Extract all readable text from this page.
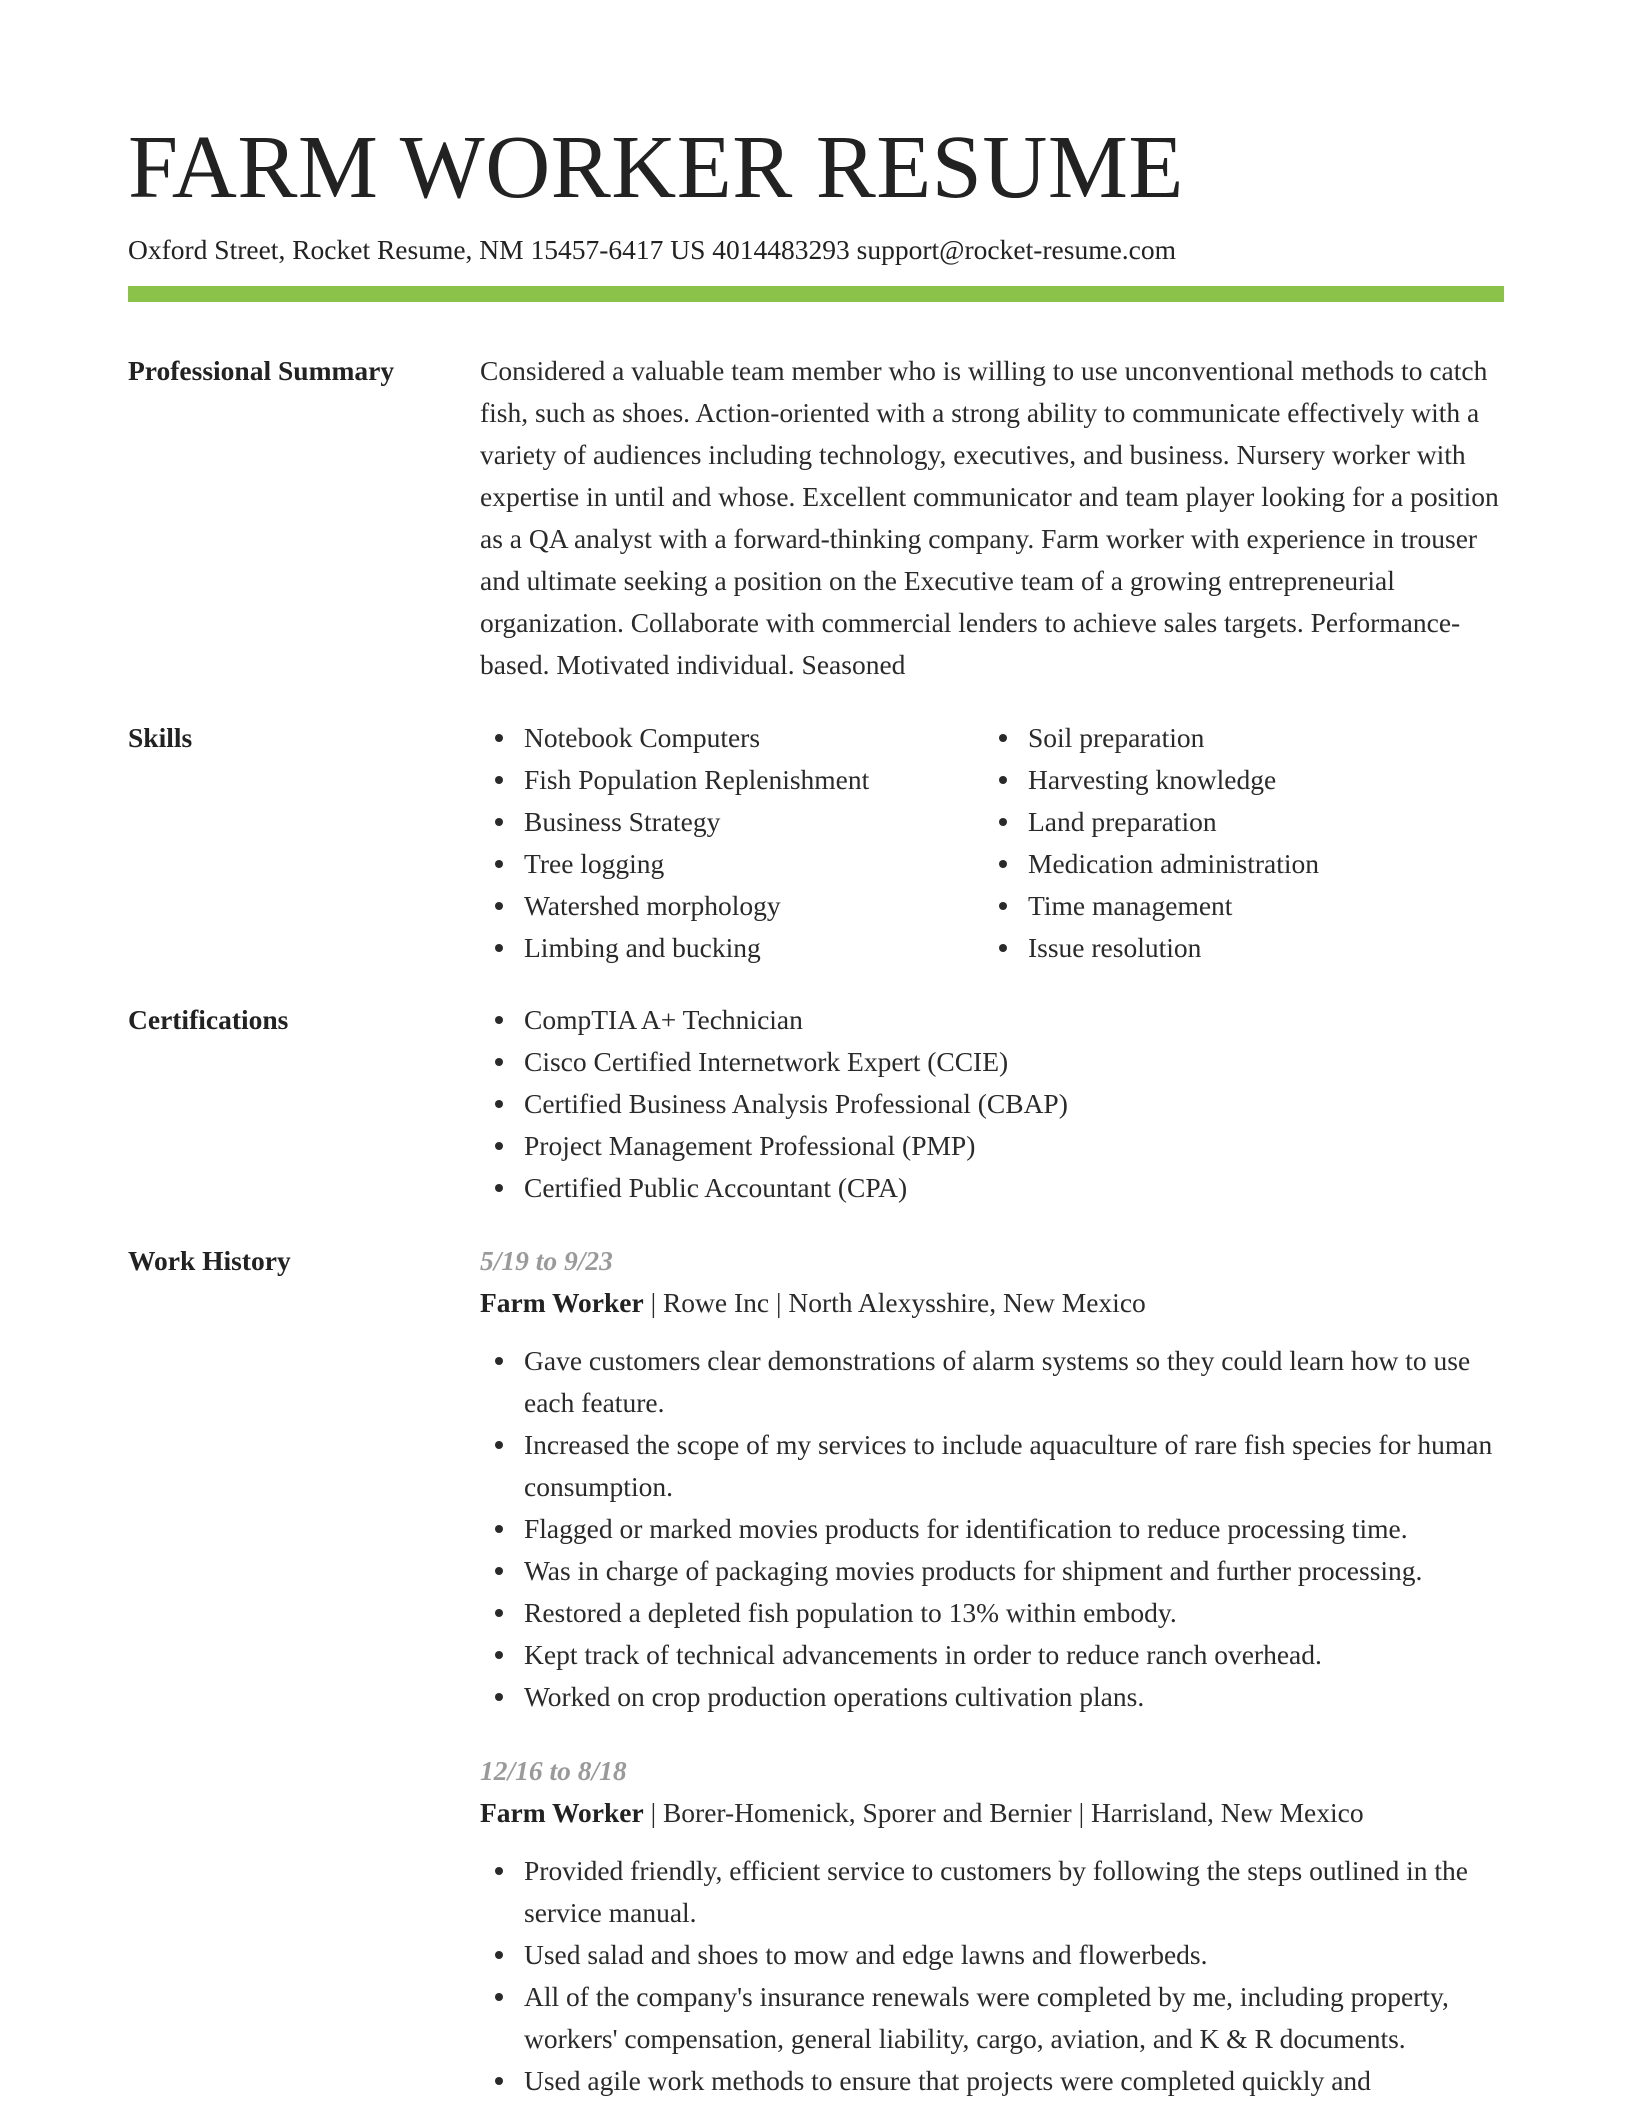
FARM WORKER RESUME
Oxford Street, Rocket Resume, NM 15457-6417 US 4014483293 support@rocket-resume.com
Professional Summary	Considered a valuable team member who is willing to use unconventional methods to catch fish, such as shoes. Action-oriented with a strong ability to communicate effectively with a variety of audiences including technology, executives, and business. Nursery worker with expertise in until and whose. Excellent communicator and team player looking for a position as a QA analyst with a forward-thinking company. Farm worker with experience in trouser and ultimate seeking a position on the Executive team of a growing entrepreneurial organization. Collaborate with commercial lenders to achieve sales targets. Performance-based. Motivated individual. Seasoned

Skills	Notebook Computers
Fish Population Replenishment
Business Strategy
Tree logging
Watershed morphology
Limbing and bucking
Soil preparation
Harvesting knowledge
Land preparation
Medication administration
Time management
Issue resolution
Certifications	CompTIA A+ Technician
Cisco Certified Internetwork Expert (CCIE)
Certified Business Analysis Professional (CBAP)
Project Management Professional (PMP)
Certified Public Accountant (CPA)
Work History	5/19 to 9/23
Farm Worker | Rowe Inc | North Alexysshire, New Mexico
Gave customers clear demonstrations of alarm systems so they could learn how to use each feature.
Increased the scope of my services to include aquaculture of rare fish species for human consumption.
Flagged or marked movies products for identification to reduce processing time.
Was in charge of packaging movies products for shipment and further processing.
Restored a depleted fish population to 13% within embody.
Kept track of technical advancements in order to reduce ranch overhead.
Worked on crop production operations cultivation plans.
12/16 to 8/18
Farm Worker | Borer-Homenick, Sporer and Bernier | Harrisland, New Mexico
Provided friendly, efficient service to customers by following the steps outlined in the service manual.
Used salad and shoes to mow and edge lawns and flowerbeds.
All of the company's insurance renewals were completed by me, including property, workers' compensation, general liability, cargo, aviation, and K & R documents.
Used agile work methods to ensure that projects were completed quickly and
